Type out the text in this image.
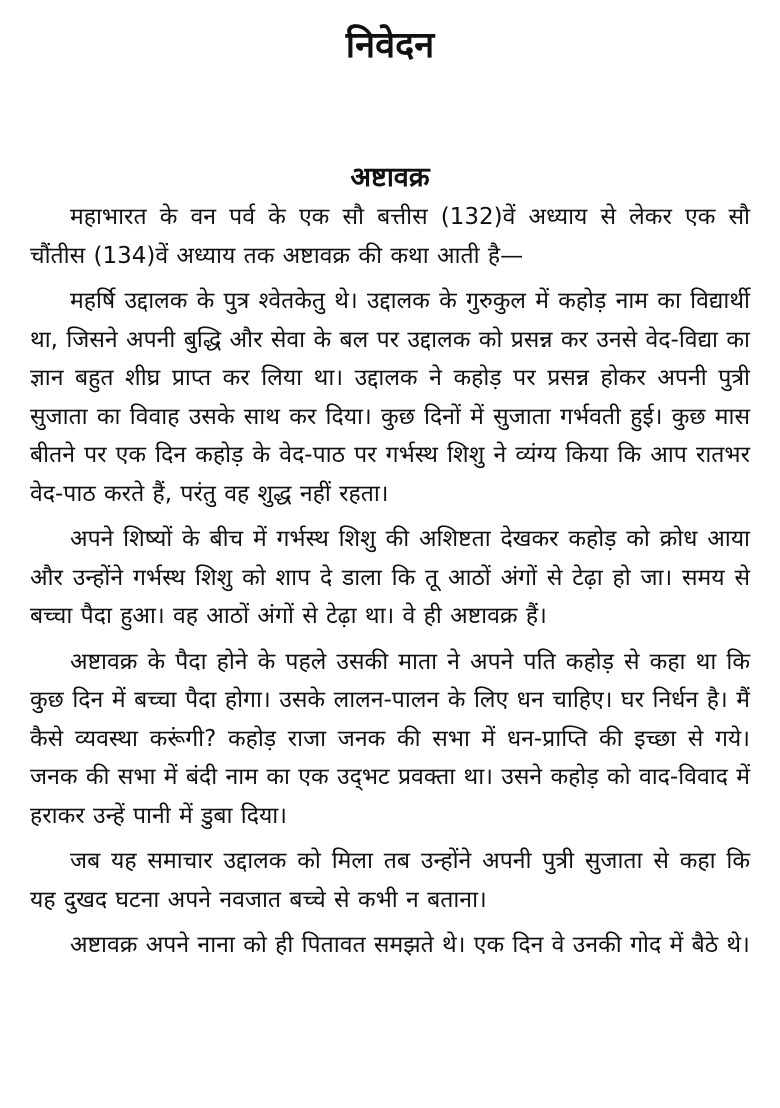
निवेदन
अष्टावक्र

महाभारत के वन पर्व के एक सौ बत्तीस (132)वें अध्याय से लेकर एक सौ चौंतीस (134)वें अध्याय तक अष्टावक्र की कथा आती है—

महर्षि उद्दालक के पुत्र श्वेतकेतु थे। उद्दालक के गुरुकुल में कहोड़ नाम का विद्यार्थी था, जिसने अपनी बुद्धि और सेवा के बल पर उद्दालक को प्रसन्न कर उनसे वेद-विद्या का ज्ञान बहुत शीघ्र प्राप्त कर लिया था। उद्दालक ने कहोड़ पर प्रसन्न होकर अपनी पुत्री सुजाता का विवाह उसके साथ कर दिया। कुछ दिनों में सुजाता गर्भवती हुई। कुछ मास बीतने पर एक दिन कहोड़ के वेद-पाठ पर गर्भस्थ शिशु ने व्यंग्य किया कि आप रातभर वेद-पाठ करते हैं, परंतु वह शुद्ध नहीं रहता।

अपने शिष्यों के बीच में गर्भस्थ शिशु की अशिष्टता देखकर कहोड़ को क्रोध आया और उन्होंने गर्भस्थ शिशु को शाप दे डाला कि तू आठों अंगों से टेढ़ा हो जा। समय से बच्चा पैदा हुआ। वह आठों अंगों से टेढ़ा था। वे ही अष्टावक्र हैं।

अष्टावक्र के पैदा होने के पहले उसकी माता ने अपने पति कहोड़ से कहा था कि कुछ दिन में बच्चा पैदा होगा। उसके लालन-पालन के लिए धन चाहिए। घर निर्धन है। मैं कैसे व्यवस्था करूंगी? कहोड़ राजा जनक की सभा में धन-प्राप्ति की इच्छा से गये। जनक की सभा में बंदी नाम का एक उद्‌भट प्रवक्ता था। उसने कहोड़ को वाद-विवाद में हराकर उन्हें पानी में डुबा दिया।

जब यह समाचार उद्दालक को मिला तब उन्होंने अपनी पुत्री सुजाता से कहा कि यह दुखद घटना अपने नवजात बच्चे से कभी न बताना।

अष्टावक्र अपने नाना को ही पितावत समझते थे। एक दिन वे उनकी गोद में बैठे थे।
